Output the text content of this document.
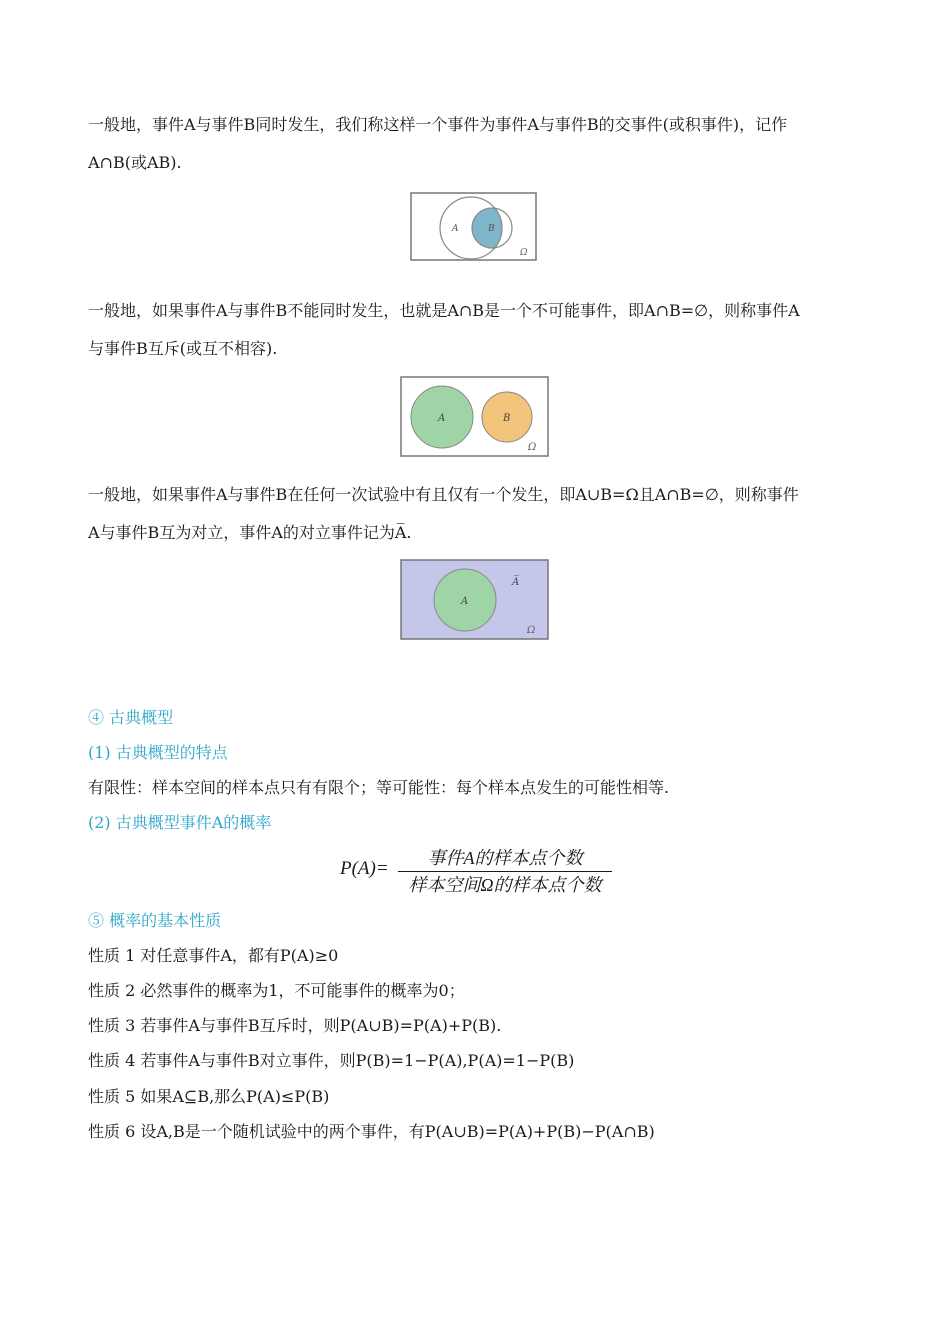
一般地，事件A与事件B同时发生，我们称这样一个事件为事件A与事件B的交事件(或积事件)，记作
A∩B(或AB).
A	B
Ω
一般地，如果事件A与事件B不能同时发生，也就是A∩B是一个不可能事件，即A∩B=∅，则称事件A
与事件B互斥(或互不相容).
A	B
Ω
一般地，如果事件A与事件B在任何一次试验中有且仅有一个发生，即A∪B=Ω且A∩B=∅，则称事件
A与事件B互为对立，事件A的对立事件记为A̅.
A
A̅
Ω
④ 古典概型
(1) 古典概型的特点
有限性：样本空间的样本点只有有限个；等可能性：每个样本点发生的可能性相等.
(2) 古典概型事件A的概率
P(A)=	事件A的样本点个数
样本空间Ω的样本点个数
⑤ 概率的基本性质
性质 1 对任意事件A，都有P(A)≥0
性质 2 必然事件的概率为1，不可能事件的概率为0；
性质 3 若事件A与事件B互斥时，则P(A∪B)=P(A)+P(B).
性质 4 若事件A与事件B对立事件，则P(B)=1−P(A),P(A)=1−P(B)
性质 5 如果A⊆B,那么P(A)≤P(B)
性质 6 设A,B是一个随机试验中的两个事件，有P(A∪B)=P(A)+P(B)−P(A∩B)
